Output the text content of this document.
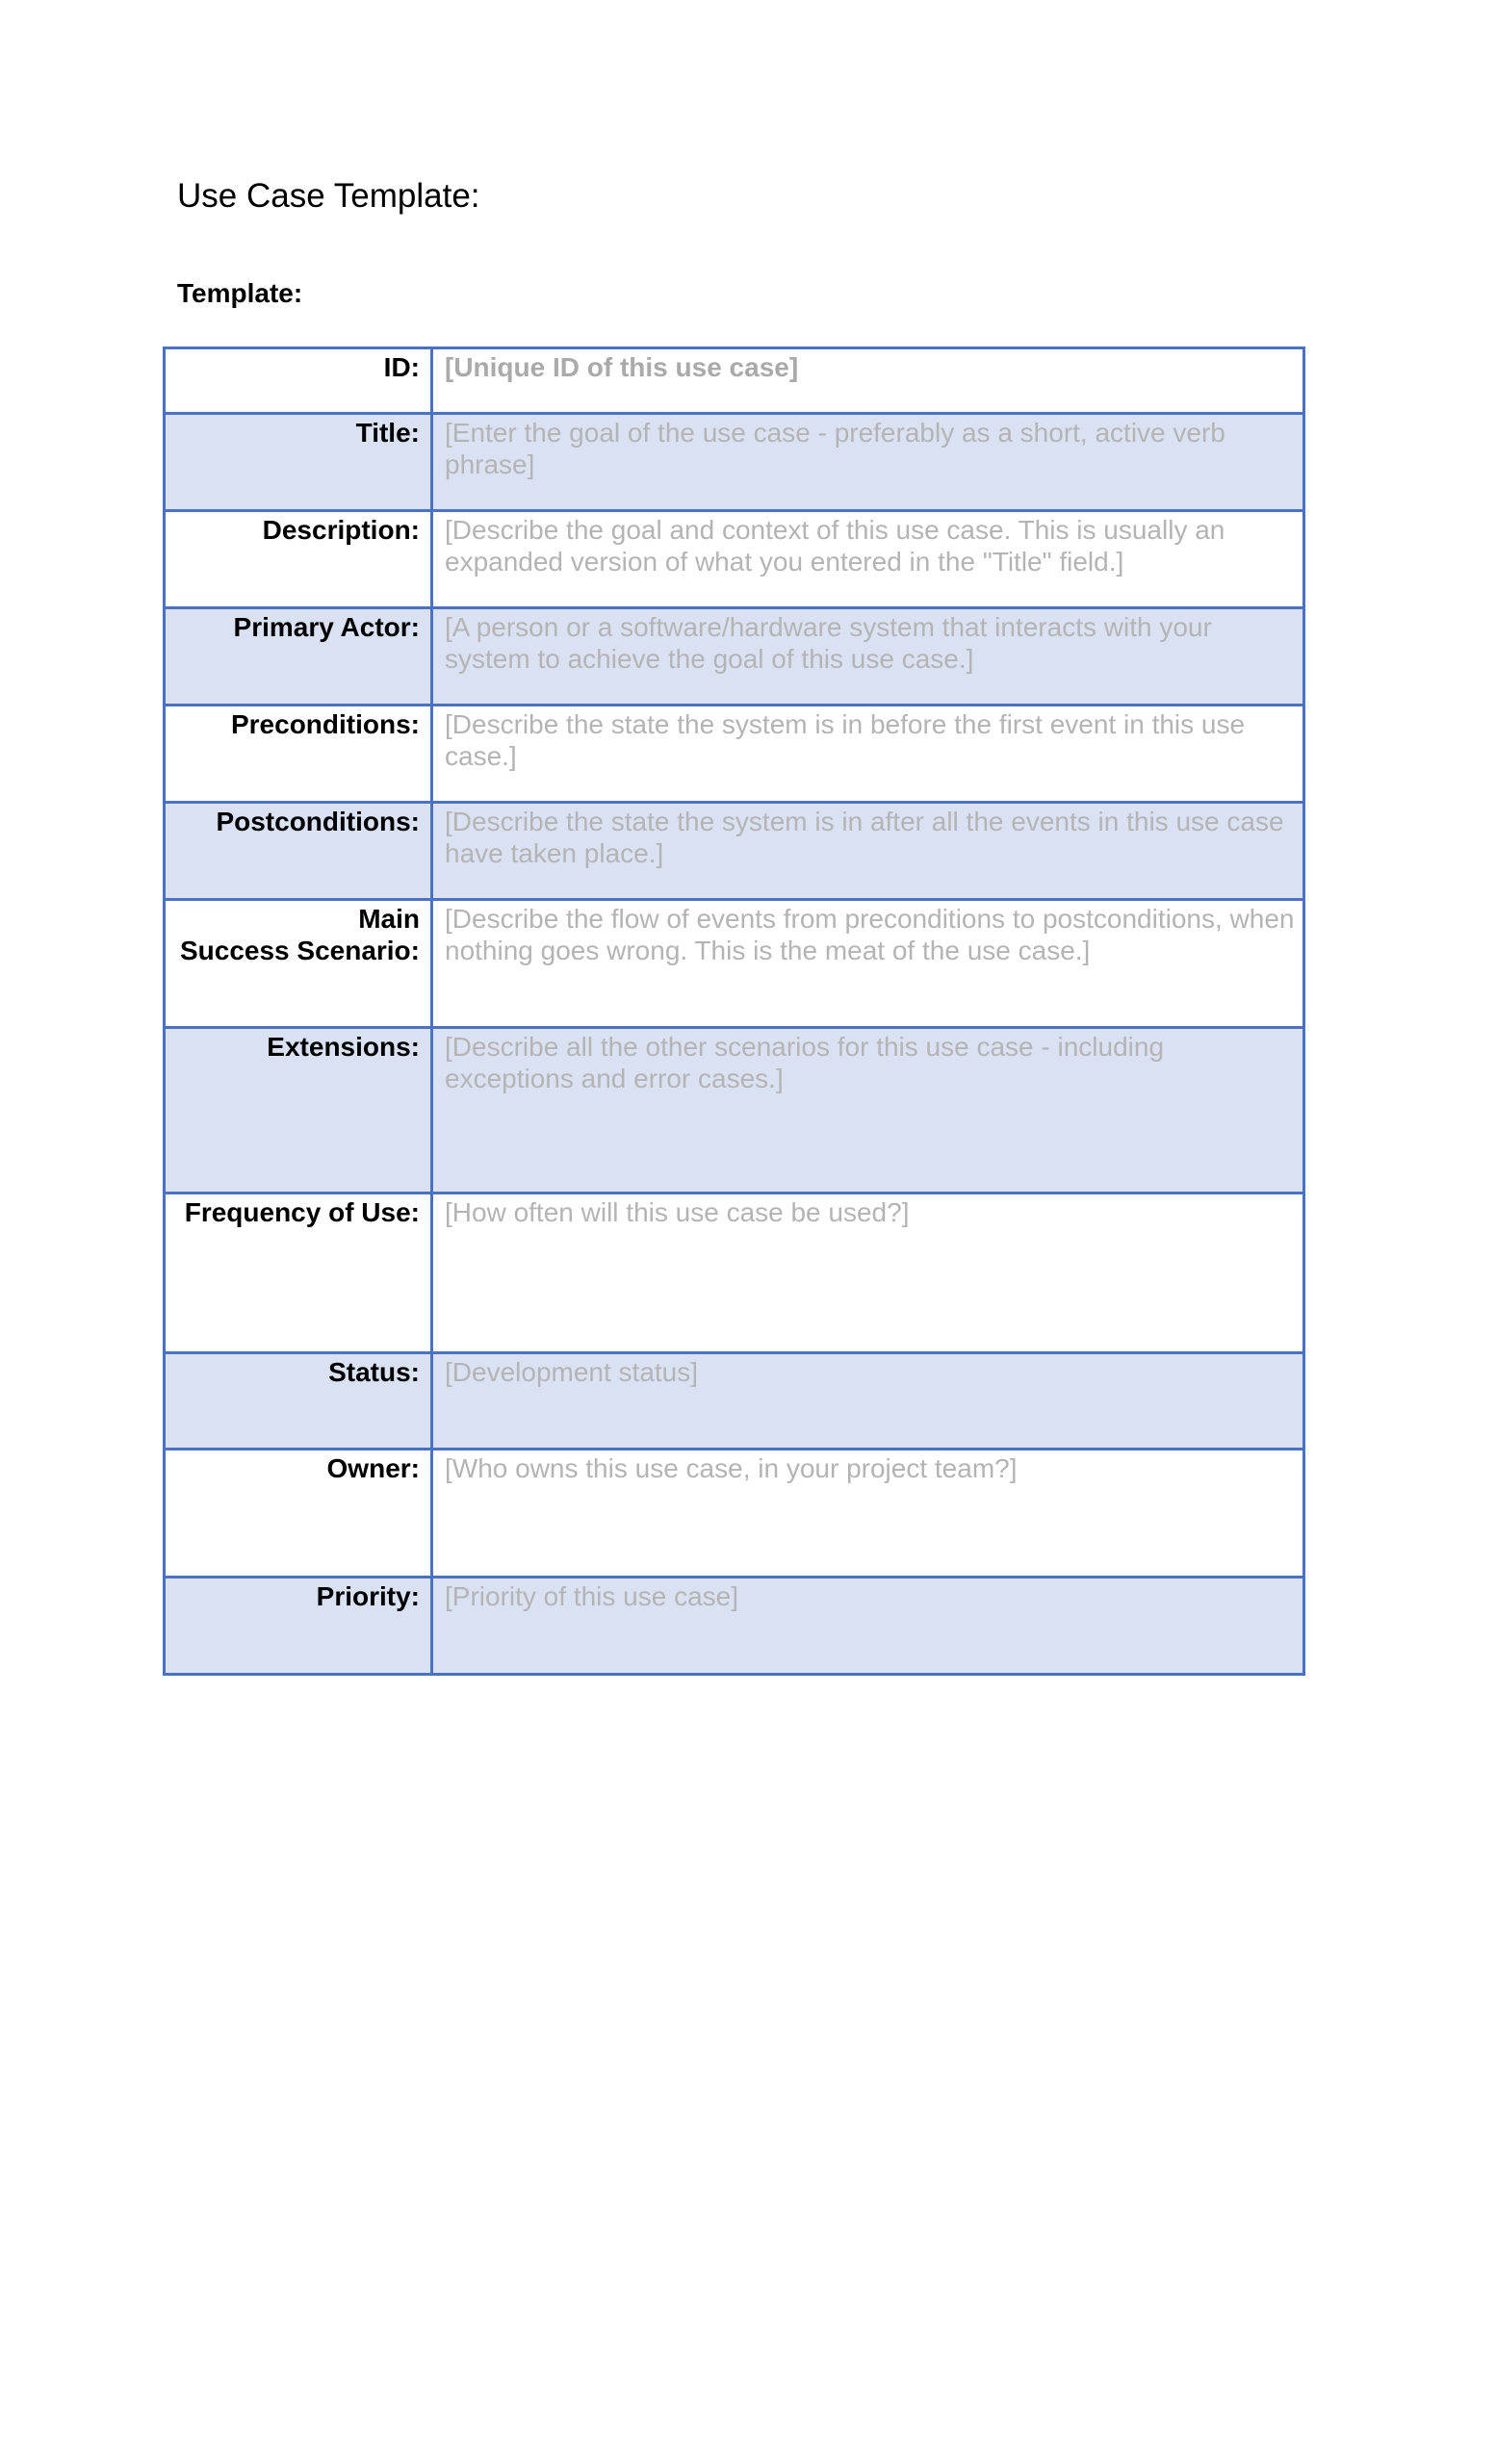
Use Case Template:
Template:
ID:	[Unique ID of this use case]

Title:	[Enter the goal of the use case - preferably as a short, active verb phrase]

Description:	[Describe the goal and context of this use case. This is usually an expanded version of what you entered in the "Title" field.]

Primary Actor:	[A person or a software/hardware system that interacts with your system to achieve the goal of this use case.]

Preconditions:	[Describe the state the system is in before the first event in this use case.]

Postconditions:	[Describe the state the system is in after all the events in this use case have taken place.]

Main
Success Scenario:	[Describe the flow of events from preconditions to postconditions, when nothing goes wrong. This is the meat of the use case.]

Extensions:	[Describe all the other scenarios for this use case - including exceptions and error cases.]

Frequency of Use:	[How often will this use case be used?]

Status:	[Development status]

Owner:	[Who owns this use case, in your project team?]

Priority:	[Priority of this use case]
